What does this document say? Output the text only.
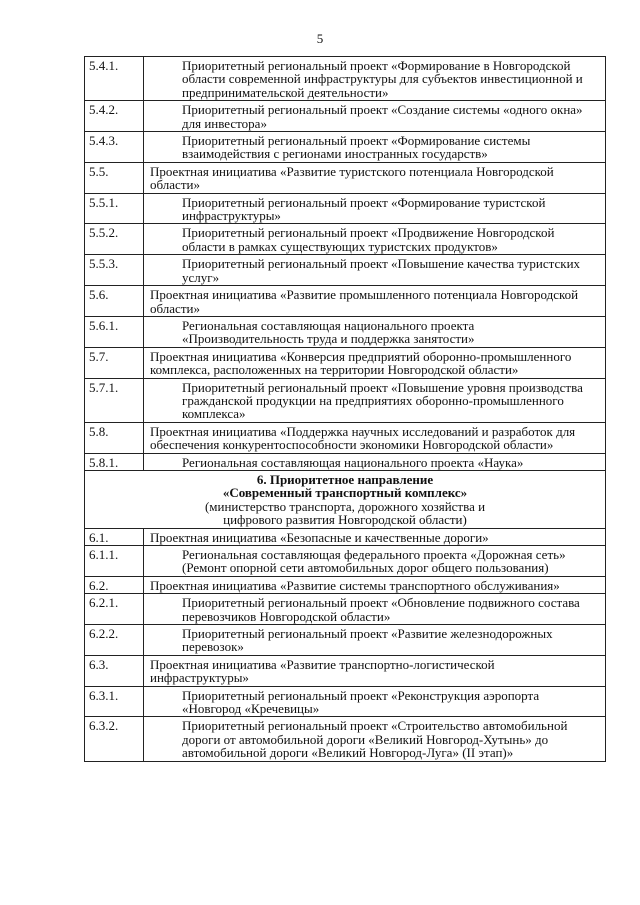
5
5.4.1.	Приоритетный региональный проект «Формирование в Новгородской области современной инфраструктуры для субъектов инвестиционной и предпринимательской деятельности»
5.4.2.	Приоритетный региональный проект «Создание системы «одного окна» для инвестора»
5.4.3.	Приоритетный региональный проект «Формирование системы взаимодействия с регионами иностранных государств»
5.5.	Проектная инициатива «Развитие туристского потенциала Новгородской области»
5.5.1.	Приоритетный региональный проект «Формирование туристской инфраструктуры»
5.5.2.	Приоритетный региональный проект «Продвижение Новгородской области в рамках существующих туристских продуктов»
5.5.3.	Приоритетный региональный проект «Повышение качества туристских услуг»
5.6.	Проектная инициатива «Развитие промышленного потенциала Новгородской области»
5.6.1.	Региональная составляющая национального проекта «Производительность труда и поддержка занятости»
5.7.	Проектная инициатива «Конверсия предприятий оборонно-промышленного комплекса, расположенных на территории Новгородской области»
5.7.1.	Приоритетный региональный проект «Повышение уровня производства гражданской продукции на предприятиях оборонно-промышленного комплекса»
5.8.	Проектная инициатива «Поддержка научных исследований и разработок для обеспечения конкурентоспособности экономики Новгородской области»
5.8.1.	Региональная составляющая национального проекта «Наука»

6. Приоритетное направление
«Современный транспортный комплекс»
(министерство транспорта, дорожного хозяйства и цифрового развития Новгородской области)	

6.1.	Проектная инициатива «Безопасные и качественные дороги»
6.1.1.	Региональная составляющая федерального проекта «Дорожная сеть» (Ремонт опорной сети автомобильных дорог общего пользования)
6.2.	Проектная инициатива «Развитие системы транспортного обслуживания»
6.2.1.	Приоритетный региональный проект «Обновление подвижного состава перевозчиков Новгородской области»
6.2.2.	Приоритетный региональный проект «Развитие железнодорожных перевозок»
6.3.	Проектная инициатива «Развитие транспортно-логистической инфраструктуры»
6.3.1.	Приоритетный региональный проект «Реконструкция аэропорта «Новгород «Кречевицы»
6.3.2.	Приоритетный региональный проект «Строительство автомобильной дороги от автомобильной дороги «Великий Новгород-Хутынь» до автомобильной дороги «Великий Новгород-Луга» (II этап)»
